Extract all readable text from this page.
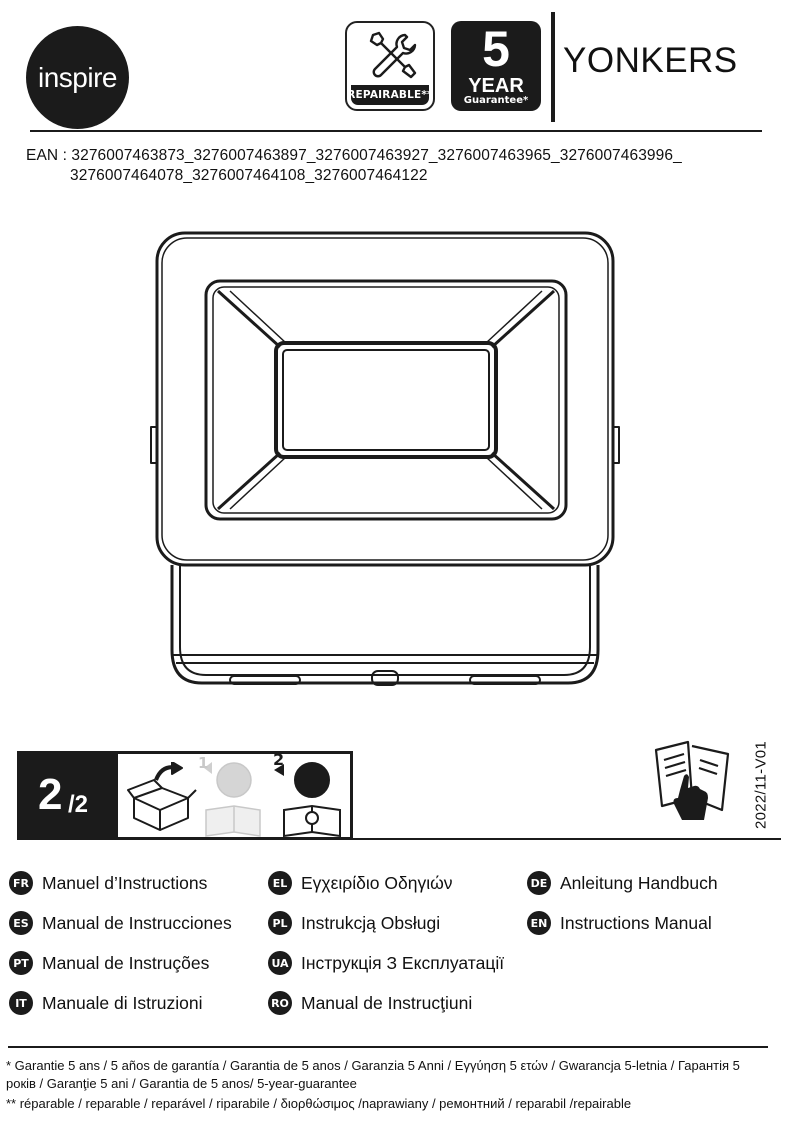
inspire
REPAIRABLE**
5
YEAR
Guarantee*
YONKERS
EAN : 3276007463873_3276007463897_3276007463927_3276007463965_3276007463996_
3276007464078_3276007464108_3276007464122
2 /2
1	2	2022/11-V01
FR Manuel d’Instructions
ES Manual de Instrucciones
PT Manual de Instruções
IT Manuale di Istruzioni
EL Εγχειρίδιο Οδηγιών
PL Instrukcją Obsługi
UA Інструкція З Експлуатації
RO Manual de Instrucţiuni
DE Anleitung Handbuch
EN Instructions Manual
* Garantie 5 ans / 5 años de garantía / Garantia de 5 anos / Garanzia 5 Anni / Εγγύηση 5 ετών / Gwarancja 5-letnia / Гарантія 5
років / Garanţie 5 ani / Garantia de 5 anos/ 5-year-guarantee
** réparable / reparable / reparável / riparabile / διορθώσιμος /naprawiany / ремонтний / reparabil /repairable
